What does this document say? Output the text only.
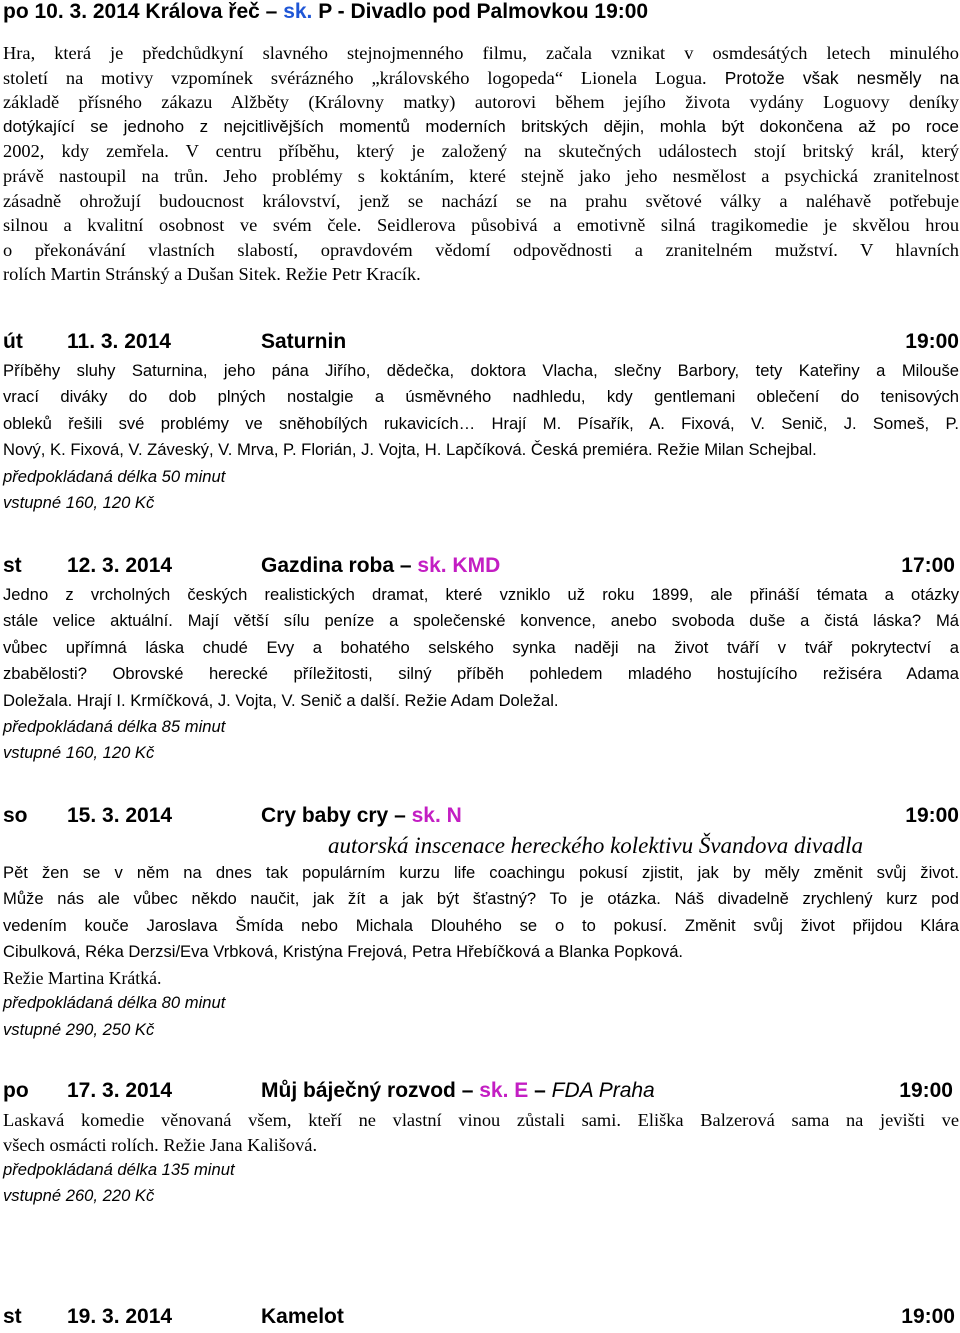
po 10. 3. 2014 Králova řeč – sk. P - Divadlo pod Palmovkou 19:00
Hra, která je předchůdkyní slavného stejnojmenného filmu, začala vznikat v osmdesátých letech minulého
století na motivy vzpomínek svérázného „královského logopeda“ Lionela Logua. Protože však nesměly na
základě přísného zákazu Alžběty (Královny matky) autorovi během jejího života vydány Loguovy deníky
dotýkající se jednoho z nejcitlivějších momentů moderních britských dějin, mohla být dokončena až po roce
2002, kdy zemřela. V centru příběhu, který je založený na skutečných událostech stojí britský král, který
právě nastoupil na trůn. Jeho problémy s koktáním, které stejně jako jeho nesmělost a psychická zranitelnost
zásadně ohrožují budoucnost království, jenž se nachází se na prahu světové války a naléhavě potřebuje
silnou a kvalitní osobnost ve svém čele. Seidlerova působivá a emotivně silná tragikomedie je skvělou hrou
o překonávání vlastních slabostí, opravdovém vědomí odpovědnosti a zranitelném mužství. V hlavních
rolích Martin Stránský a Dušan Sitek. Režie Petr Kracík.
út 11. 3. 2014	Saturnin	19:00
Příběhy sluhy Saturnina, jeho pána Jiřího, dědečka, doktora Vlacha, slečny Barbory, tety Kateřiny a Milouše
vrací diváky do dob plných nostalgie a úsměvného nadhledu, kdy gentlemani oblečení do tenisových
obleků řešili své problémy ve sněhobílých rukavicích… Hrají M. Písařík, A. Fixová, V. Senič, J. Someš, P.
Nový, K. Fixová, V. Záveský, V. Mrva, P. Florián, J. Vojta, H. Lapčíková. Česká premiéra. Režie Milan Schejbal.
předpokládaná délka 50 minut
vstupné 160, 120 Kč
st 12. 3. 2014	Gazdina roba – sk. KMD	17:00
Jedno z vrcholných českých realistických dramat, které vzniklo už roku 1899, ale přináší témata a otázky
stále velice aktuální. Mají větší sílu peníze a společenské konvence, anebo svoboda duše a čistá láska? Má
vůbec upřímná láska chudé Evy a bohatého selského synka naději na život tváří v tvář pokrytectví a
zbabělosti? Obrovské herecké příležitosti, silný příběh pohledem mladého hostujícího režiséra Adama
Doležala. Hrají I. Krmíčková, J. Vojta, V. Senič a další. Režie Adam Doležal.
předpokládaná délka 85 minut
vstupné 160, 120 Kč
so 15. 3. 2014	Cry baby cry – sk. N	19:00
autorská inscenace hereckého kolektivu Švandova divadla
Pět žen se v něm na dnes tak populárním kurzu life coachingu pokusí zjistit, jak by měly změnit svůj život.
Může nás ale vůbec někdo naučit, jak žít a jak být šťastný? To je otázka. Náš divadelně zrychlený kurz pod
vedením kouče Jaroslava Šmída nebo Michala Dlouhého se o to pokusí. Změnit svůj život přijdou Klára
Cibulková, Réka Derzsi/Eva Vrbková, Kristýna Frejová, Petra Hřebíčková a Blanka Popková.
Režie Martina Krátká.
předpokládaná délka 80 minut
vstupné 290, 250 Kč
po 17. 3. 2014	Můj báječný rozvod – sk. E – FDA Praha	19:00
Laskavá komedie věnovaná všem, kteří ne vlastní vinou zůstali sami. Eliška Balzerová sama na jevišti ve
všech osmácti rolích. Režie Jana Kališová.
předpokládaná délka 135 minut
vstupné 260, 220 Kč
st 19. 3. 2014	Kamelot	19:00
